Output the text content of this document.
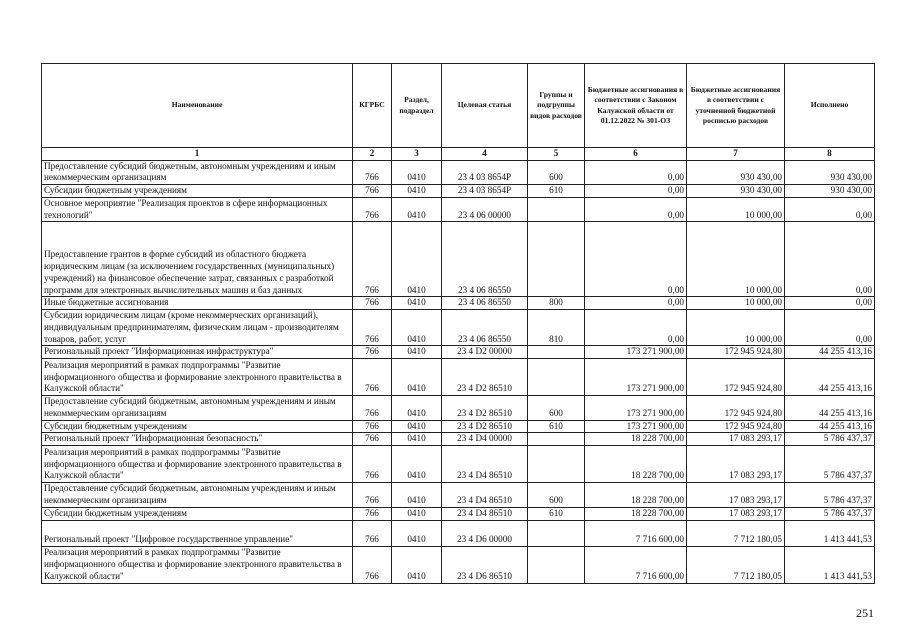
Наименование	КГРБС	Раздел, подраздел	Целевая статья	Группы и подгруппы видов расходов	Бюджетные ассигнования в соответствии с Законом Калужской области от 01.12.2022 № 301-ОЗ	Бюджетные ассигнования в соответствии с уточненной бюджетной росписью расходов	Исполнено
1	2	3	4	5	6	7	8
Предоставление субсидий бюджетным, автономным учреждениям и иным некоммерческим организациям	766	0410	23 4 03 8654P	600	0,00	930 430,00	930 430,00
Субсидии бюджетным учреждениям	766	0410	23 4 03 8654P	610	0,00	930 430,00	930 430,00
Основное мероприятие "Реализация проектов в сфере информационных технологий"	766	0410	23 4 06 00000		0,00	10 000,00	0,00
Предоставление грантов в форме субсидий из областного бюджета юридическим лицам (за исключением государственных (муниципальных) учреждений) на финансовое обеспечение затрат, связанных с разработкой программ для электронных вычислительных машин и баз данных	766	0410	23 4 06 86550		0,00	10 000,00	0,00
Иные бюджетные ассигнования	766	0410	23 4 06 86550	800	0,00	10 000,00	0,00
Субсидии юридическим лицам (кроме некоммерческих организаций), индивидуальным предпринимателям, физическим лицам - производителям товаров, работ, услуг	766	0410	23 4 06 86550	810	0,00	10 000,00	0,00
Региональный проект "Информационная инфраструктура"	766	0410	23 4 D2 00000		173 271 900,00	172 945 924,80	44 255 413,16
Реализация мероприятий в рамках подпрограммы "Развитие информационного общества и формирование электронного правительства в Калужской области"	766	0410	23 4 D2 86510		173 271 900,00	172 945 924,80	44 255 413,16
Предоставление субсидий бюджетным, автономным учреждениям и иным некоммерческим организациям	766	0410	23 4 D2 86510	600	173 271 900,00	172 945 924,80	44 255 413,16
Субсидии бюджетным учреждениям	766	0410	23 4 D2 86510	610	173 271 900,00	172 945 924,80	44 255 413,16
Региональный проект "Информационная безопасность"	766	0410	23 4 D4 00000		18 228 700,00	17 083 293,17	5 786 437,37
Реализация мероприятий в рамках подпрограммы "Развитие информационного общества и формирование электронного правительства в Калужской области"	766	0410	23 4 D4 86510		18 228 700,00	17 083 293,17	5 786 437,37
Предоставление субсидий бюджетным, автономным учреждениям и иным некоммерческим организациям	766	0410	23 4 D4 86510	600	18 228 700,00	17 083 293,17	5 786 437,37
Субсидии бюджетным учреждениям	766	0410	23 4 D4 86510	610	18 228 700,00	17 083 293,17	5 786 437,37
Региональный проект "Цифровое государственное управление"	766	0410	23 4 D6 00000		7 716 600,00	7 712 180,05	1 413 441,53
Реализация мероприятий в рамках подпрограммы "Развитие информационного общества и формирование электронного правительства в Калужской области"	766	0410	23 4 D6 86510		7 716 600,00	7 712 180,05	1 413 441,53
251
